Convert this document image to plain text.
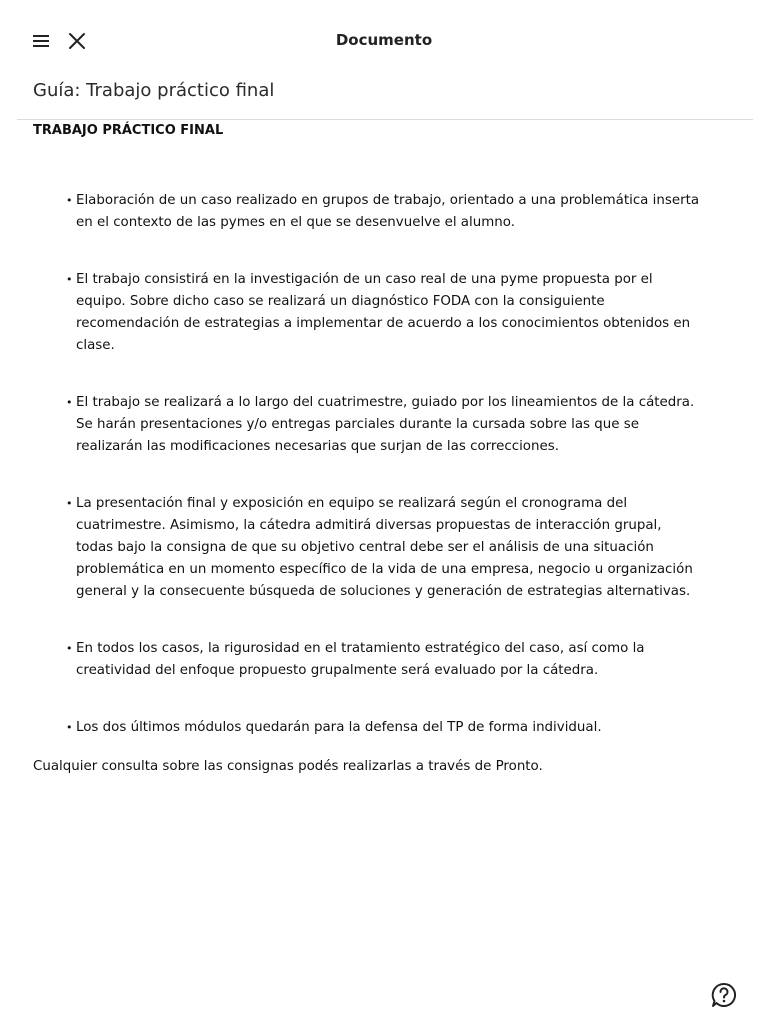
Documento
Guía: Trabajo práctico final
TRABAJO PRÁCTICO FINAL
• Elaboración de un caso realizado en grupos de trabajo, orientado a una problemática inserta en el contexto de las pymes en el que se desenvuelve el alumno.
• El trabajo consistirá en la investigación de un caso real de una pyme propuesta por el equipo. Sobre dicho caso se realizará un diagnóstico FODA con la consiguiente recomendación de estrategias a implementar de acuerdo a los conocimientos obtenidos en clase.
• El trabajo se realizará a lo largo del cuatrimestre, guiado por los lineamientos de la cátedra. Se harán presentaciones y/o entregas parciales durante la cursada sobre las que se realizarán las modificaciones necesarias que surjan de las correcciones.
• La presentación final y exposición en equipo se realizará según el cronograma del cuatrimestre. Asimismo, la cátedra admitirá diversas propuestas de interacción grupal, todas bajo la consigna de que su objetivo central debe ser el análisis de una situación problemática en un momento específico de la vida de una empresa, negocio u organización general y la consecuente búsqueda de soluciones y generación de estrategias alternativas.
• En todos los casos, la rigurosidad en el tratamiento estratégico del caso, así como la creatividad del enfoque propuesto grupalmente será evaluado por la cátedra.
• Los dos últimos módulos quedarán para la defensa del TP de forma individual.
Cualquier consulta sobre las consignas podés realizarlas a través de Pronto.
